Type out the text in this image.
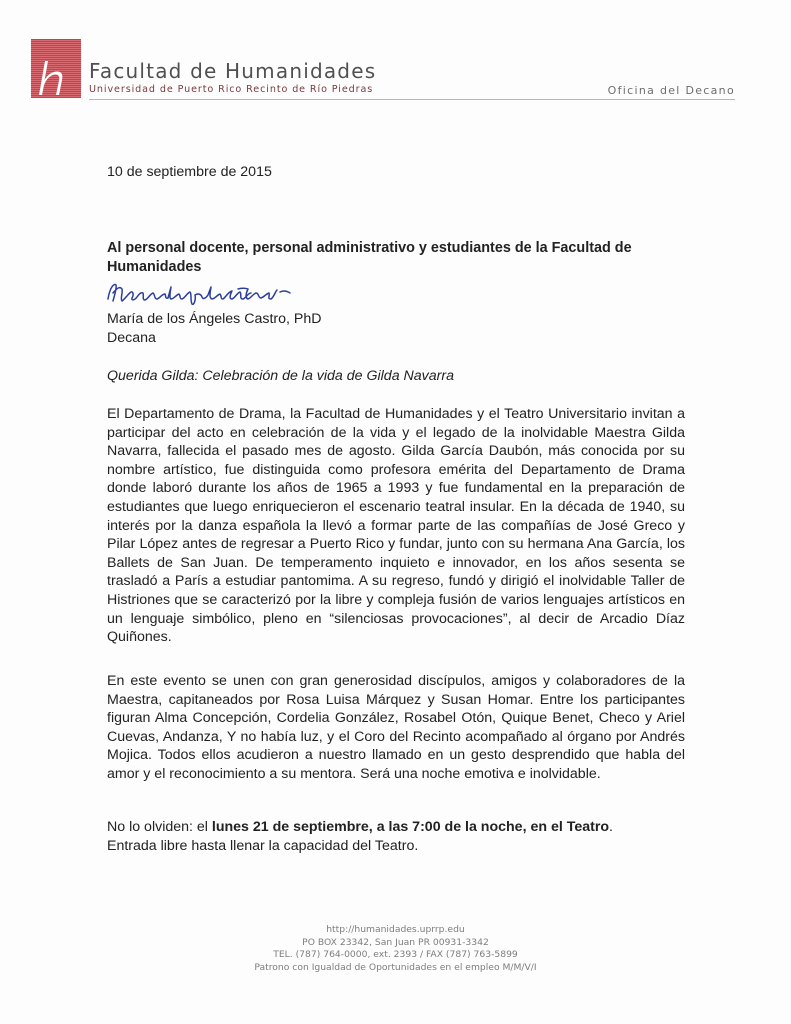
Facultad de Humanidades
Universidad de Puerto Rico Recinto de Río Piedras	Oficina del Decano
10 de septiembre de 2015
Al personal docente, personal administrativo y estudiantes de la Facultad de Humanidades
María de los Ángeles Castro, PhD
Decana
Querida Gilda: Celebración de la vida de Gilda Navarra
El Departamento de Drama, la Facultad de Humanidades y el Teatro Universitario invitan a participar del acto en celebración de la vida y el legado de la inolvidable Maestra Gilda Navarra, fallecida el pasado mes de agosto. Gilda García Daubón, más conocida por su nombre artístico, fue distinguida como profesora emérita del Departamento de Drama donde laboró durante los años de 1965 a 1993 y fue fundamental en la preparación de estudiantes que luego enriquecieron el escenario teatral insular. En la década de 1940, su interés por la danza española la llevó a formar parte de las compañías de José Greco y Pilar López antes de regresar a Puerto Rico y fundar, junto con su hermana Ana García, los Ballets de San Juan. De temperamento inquieto e innovador, en los años sesenta se trasladó a París a estudiar pantomima. A su regreso, fundó y dirigió el inolvidable Taller de Histriones que se caracterizó por la libre y compleja fusión de varios lenguajes artísticos en un lenguaje simbólico, pleno en “silenciosas provocaciones”, al decir de Arcadio Díaz Quiñones.
En este evento se unen con gran generosidad discípulos, amigos y colaboradores de la Maestra, capitaneados por Rosa Luisa Márquez y Susan Homar. Entre los participantes figuran Alma Concepción, Cordelia González, Rosabel Otón, Quique Benet, Checo y Ariel Cuevas, Andanza, Y no había luz, y el Coro del Recinto acompañado al órgano por Andrés Mojica. Todos ellos acudieron a nuestro llamado en un gesto desprendido que habla del amor y el reconocimiento a su mentora. Será una noche emotiva e inolvidable.
No lo olviden: el lunes 21 de septiembre, a las 7:00 de la noche, en el Teatro.
Entrada libre hasta llenar la capacidad del Teatro.
http://humanidades.uprrp.edu
PO BOX 23342, San Juan PR 00931-3342
TEL. (787) 764-0000, ext. 2393 / FAX (787) 763-5899
Patrono con Igualdad de Oportunidades en el empleo M/M/V/I
